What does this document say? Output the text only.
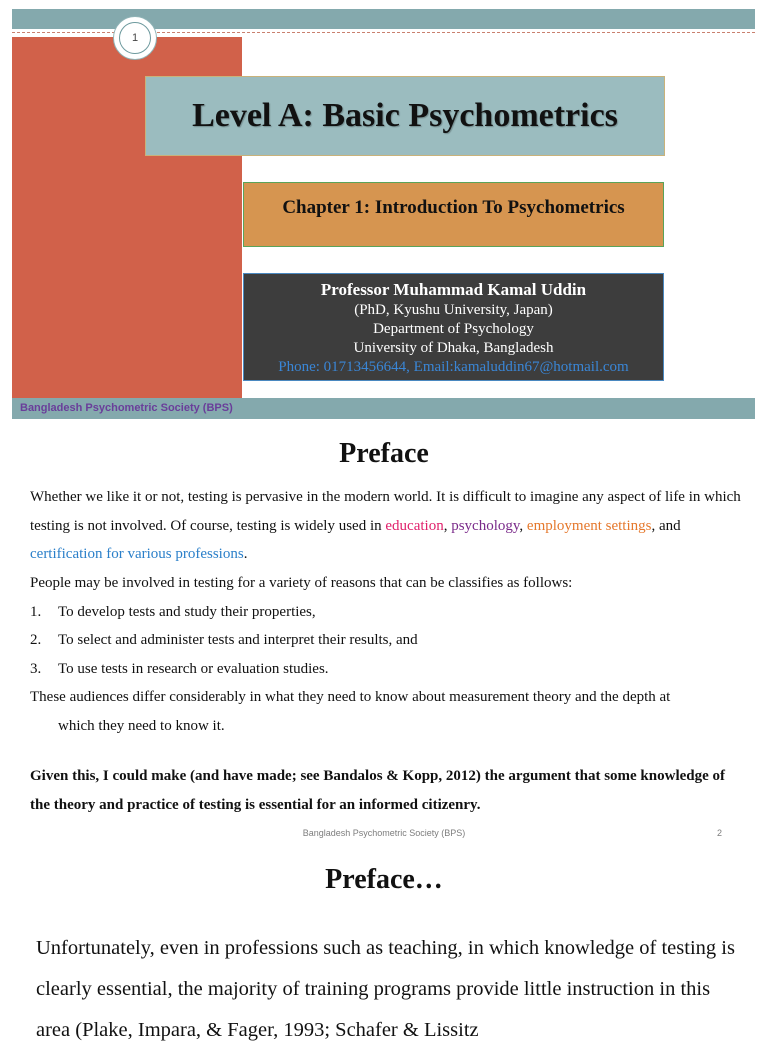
1
Level A: Basic Psychometrics
Chapter 1: Introduction To Psychometrics
Professor Muhammad Kamal Uddin
(PhD, Kyushu University, Japan)
Department of Psychology
University of Dhaka, Bangladesh
Phone: 01713456644, Email:kamaluddin67@hotmail.com
Bangladesh Psychometric Society (BPS)
Preface
Whether we like it or not, testing is pervasive in the modern world. It is difficult to imagine any aspect of life in which testing is not involved. Of course, testing is widely used in education, psychology, employment settings, and certification for various professions.
People may be involved in testing for a variety of reasons that can be classifies as follows:
1.	To develop tests and study their properties,
2.	To select and administer tests and interpret their results, and
3.	To use tests in research or evaluation studies.
These audiences differ considerably in what they need to know about measurement theory and the depth at
which they need to know it.
Given this, I could make (and have made; see Bandalos & Kopp, 2012) the argument that some knowledge of the theory and practice of testing is essential for an informed citizenry.
Bangladesh Psychometric Society (BPS)	2
Preface…
Unfortunately, even in professions such as teaching, in which knowledge of testing is clearly essential, the majority of training programs provide little instruction in this area (Plake, Impara, & Fager, 1993; Schafer & Lissitz
